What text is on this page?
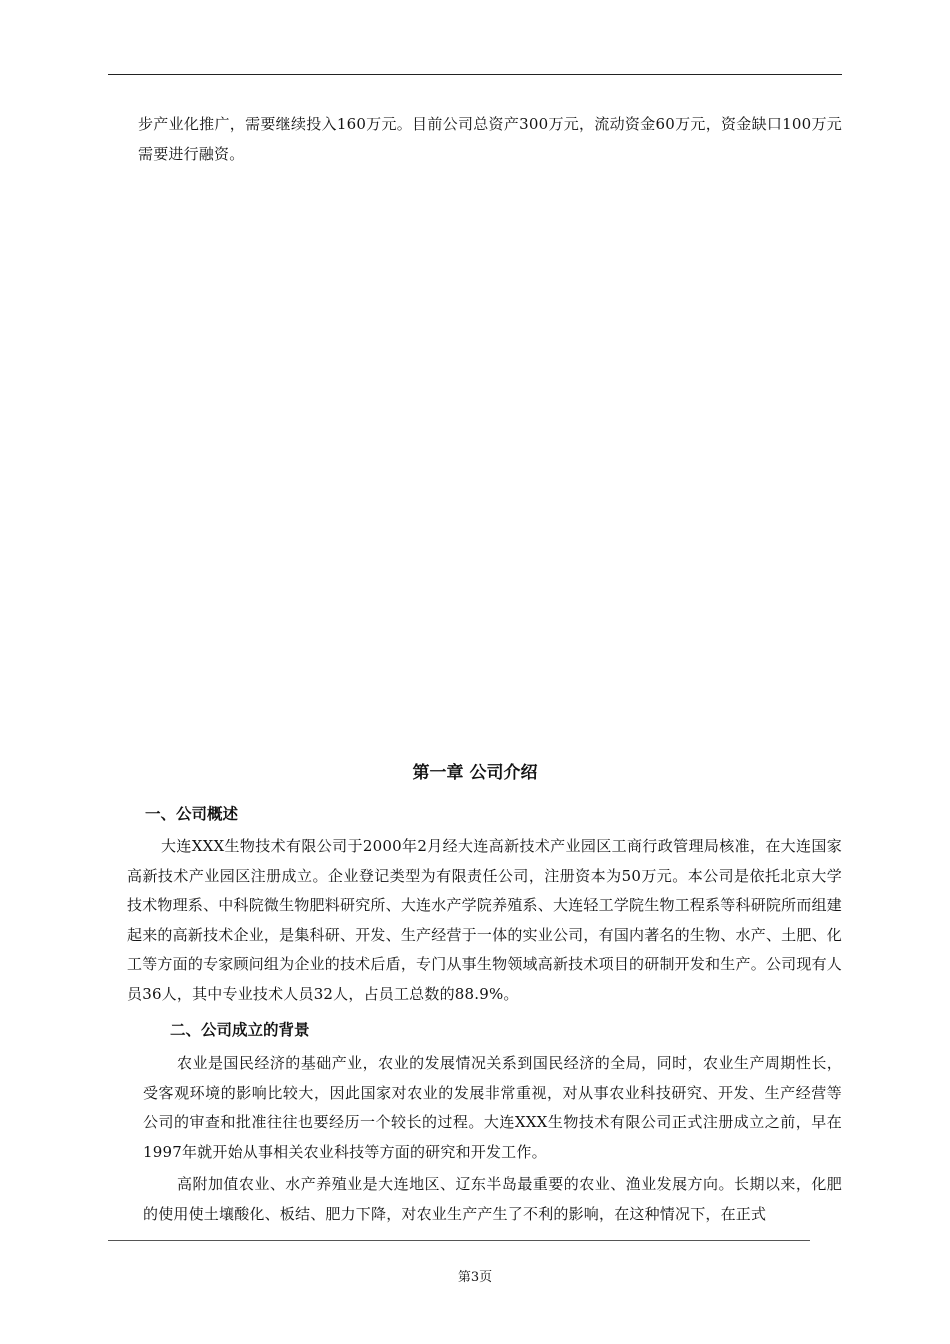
步产业化推广，需要继续投入160万元。目前公司总资产300万元，流动资金60万元，资金缺口100万元需要进行融资。

第一章 公司介绍
一、公司概述

大连XXX生物技术有限公司于2000年2月经大连高新技术产业园区工商行政管理局核准，在大连国家高新技术产业园区注册成立。企业登记类型为有限责任公司，注册资本为50万元。本公司是依托北京大学技术物理系、中科院微生物肥料研究所、大连水产学院养殖系、大连轻工学院生物工程系等科研院所而组建起来的高新技术企业，是集科研、开发、生产经营于一体的实业公司，有国内著名的生物、水产、土肥、化工等方面的专家顾问组为企业的技术后盾，专门从事生物领域高新技术项目的研制开发和生产。公司现有人员36人，其中专业技术人员32人，占员工总数的88.9%。

二、公司成立的背景

农业是国民经济的基础产业，农业的发展情况关系到国民经济的全局，同时，农业生产周期性长，受客观环境的影响比较大，因此国家对农业的发展非常重视，对从事农业科技研究、开发、生产经营等公司的审查和批准往往也要经历一个较长的过程。大连XXX生物技术有限公司正式注册成立之前，早在1997年就开始从事相关农业科技等方面的研究和开发工作。

高附加值农业、水产养殖业是大连地区、辽东半岛最重要的农业、渔业发展方向。长期以来，化肥的使用使土壤酸化、板结、肥力下降，对农业生产产生了不利的影响，在这种情况下，在正式

第3页
